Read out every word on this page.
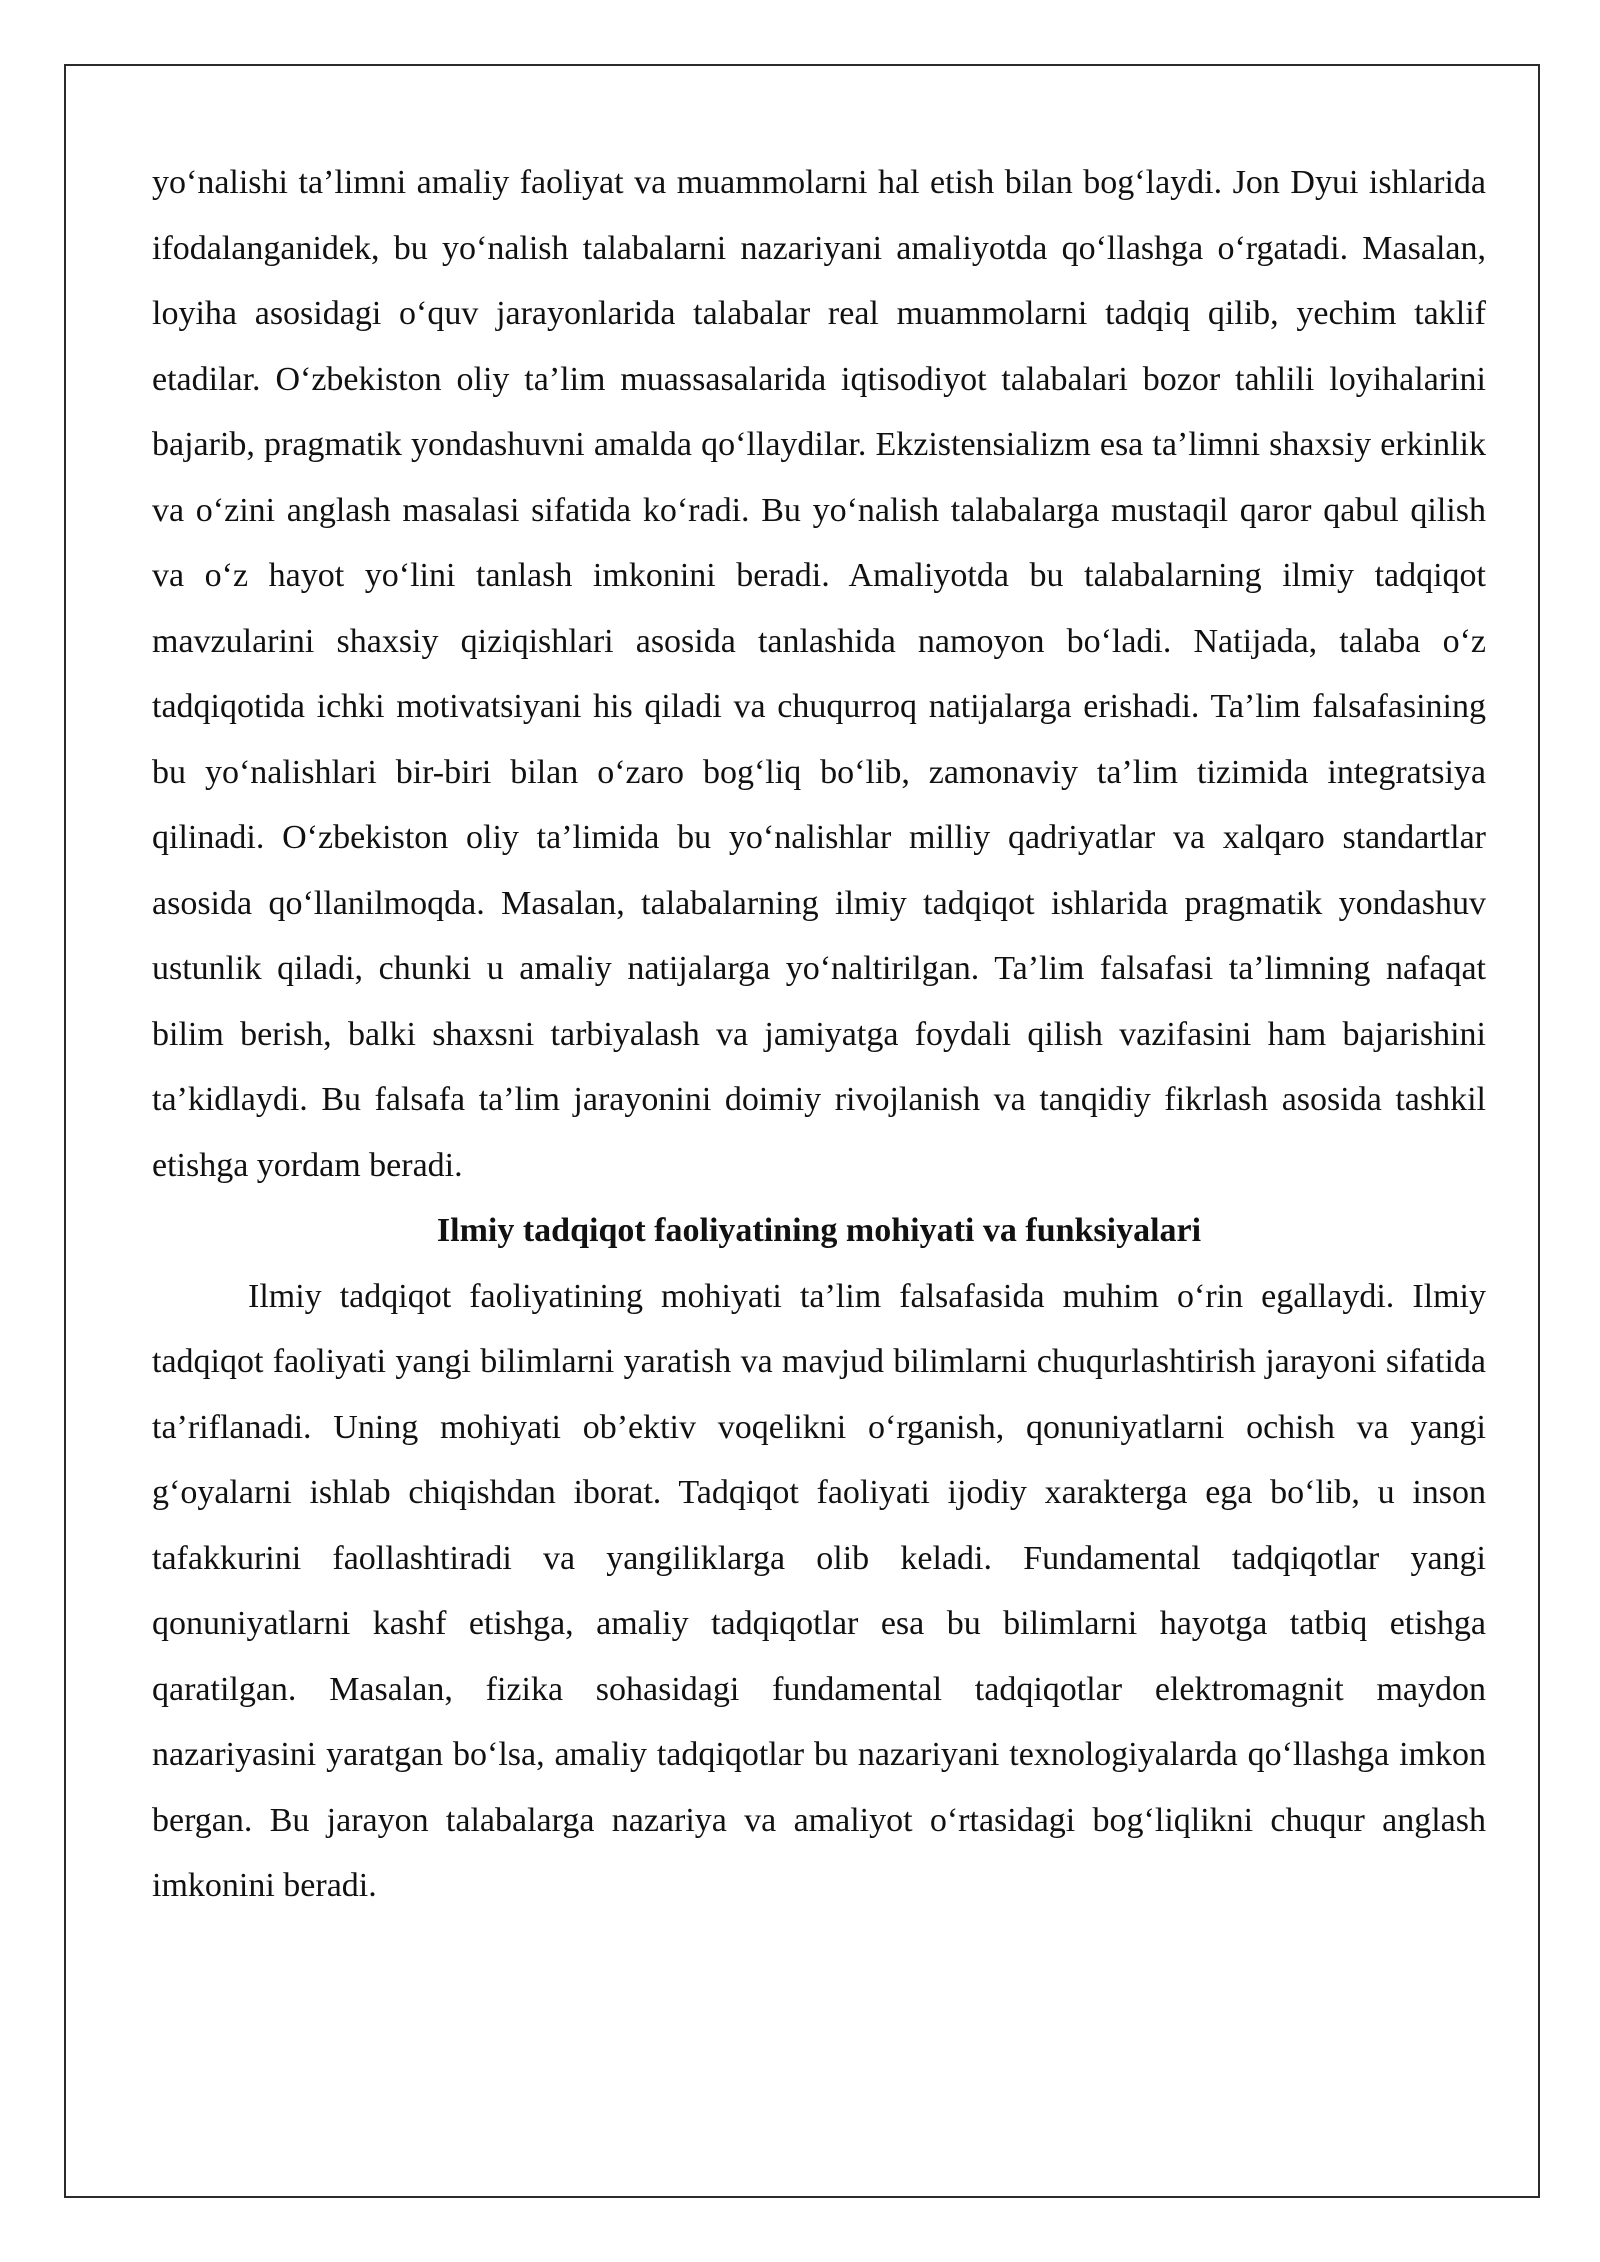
yo‘nalishi ta’limni amaliy faoliyat va muammolarni hal etish bilan bog‘laydi. Jon Dyui ishlarida ifodalanganidek, bu yo‘nalish talabalarni nazariyani amaliyotda qo‘llashga o‘rgatadi. Masalan, loyiha asosidagi o‘quv jarayonlarida talabalar real muammolarni tadqiq qilib, yechim taklif etadilar. O‘zbekiston oliy ta’lim muassasalarida iqtisodiyot talabalari bozor tahlili loyihalarini bajarib, pragmatik yondashuvni amalda qo‘llaydilar. Ekzistensializm esa ta’limni shaxsiy erkinlik va o‘zini anglash masalasi sifatida ko‘radi. Bu yo‘nalish talabalarga mustaqil qaror qabul qilish va o‘z hayot yo‘lini tanlash imkonini beradi. Amaliyotda bu talabalarning ilmiy tadqiqot mavzularini shaxsiy qiziqishlari asosida tanlashida namoyon bo‘ladi. Natijada, talaba o‘z tadqiqotida ichki motivatsiyani his qiladi va chuqurroq natijalarga erishadi. Ta’lim falsafasining bu yo‘nalishlari bir-biri bilan o‘zaro bog‘liq bo‘lib, zamonaviy ta’lim tizimida integratsiya qilinadi. O‘zbekiston oliy ta’limida bu yo‘nalishlar milliy qadriyatlar va xalqaro standartlar asosida qo‘llanilmoqda. Masalan, talabalarning ilmiy tadqiqot ishlarida pragmatik yondashuv ustunlik qiladi, chunki u amaliy natijalarga yo‘naltirilgan. Ta’lim falsafasi ta’limning nafaqat bilim berish, balki shaxsni tarbiyalash va jamiyatga foydali qilish vazifasini ham bajarishini ta’kidlaydi. Bu falsafa ta’lim jarayonini doimiy rivojlanish va tanqidiy fikrlash asosida tashkil etishga yordam beradi.

Ilmiy tadqiqot faoliyatining mohiyati va funksiyalari

Ilmiy tadqiqot faoliyatining mohiyati ta’lim falsafasida muhim o‘rin egallaydi. Ilmiy tadqiqot faoliyati yangi bilimlarni yaratish va mavjud bilimlarni chuqurlashtirish jarayoni sifatida ta’riflanadi. Uning mohiyati ob’ektiv voqelikni o‘rganish, qonuniyatlarni ochish va yangi g‘oyalarni ishlab chiqishdan iborat. Tadqiqot faoliyati ijodiy xarakterga ega bo‘lib, u inson tafakkurini faollashtiradi va yangiliklarga olib keladi. Fundamental tadqiqotlar yangi qonuniyatlarni kashf etishga, amaliy tadqiqotlar esa bu bilimlarni hayotga tatbiq etishga qaratilgan. Masalan, fizika sohasidagi fundamental tadqiqotlar elektromagnit maydon nazariyasini yaratgan bo‘lsa, amaliy tadqiqotlar bu nazariyani texnologiyalarda qo‘llashga imkon bergan. Bu jarayon talabalarga nazariya va amaliyot o‘rtasidagi bog‘liqlikni chuqur anglash imkonini beradi.
